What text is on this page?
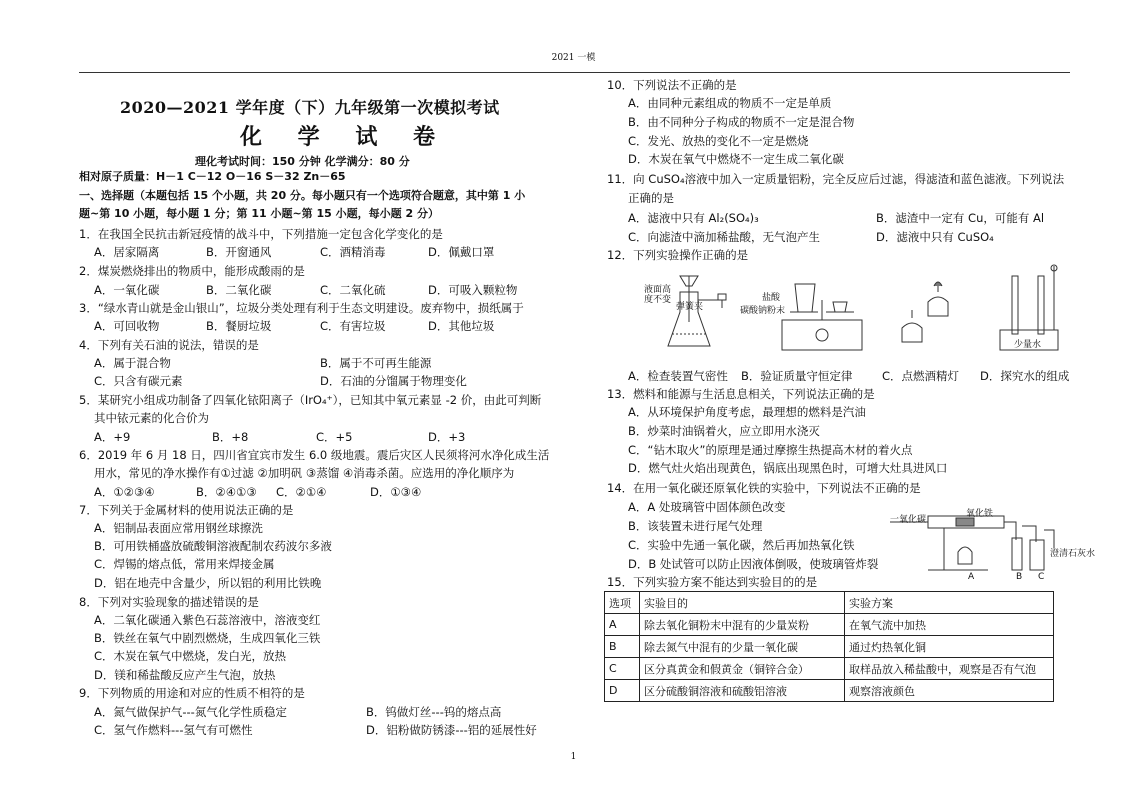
2021 一模
2020—2021 学年度（下）九年级第一次模拟考试
化 学 试 卷
理化考试时间：150 分钟 化学满分：80 分
相对原子质量：H－1 C－12 O－16 S－32 Zn－65
一、选择题（本题包括 15 个小题，共 20 分。每小题只有一个选项符合题意，其中第 1 小
题~第 10 小题，每小题 1 分；第 11 小题~第 15 小题，每小题 2 分）
1．在我国全民抗击新冠疫情的战斗中，下列措施一定包含化学变化的是
A．居家隔离	B．开窗通风	C．酒精消毒	D．佩戴口罩
2．煤炭燃烧排出的物质中，能形成酸雨的是
A．一氧化碳	B．二氧化碳	C．二氧化硫	D．可吸入颗粒物
3．“绿水青山就是金山银山”，垃圾分类处理有利于生态文明建设。废弃物中，损纸属于
A．可回收物	B．餐厨垃圾	C．有害垃圾	D．其他垃圾
4．下列有关石油的说法，错误的是
A．属于混合物	B．属于不可再生能源
C．只含有碳元素	D．石油的分馏属于物理变化
5．某研究小组成功制备了四氧化铱阳离子（IrO₄⁺），已知其中氧元素显 -2 价，由此可判断
其中铱元素的化合价为
A．+9	B．+8	C．+5	D．+3
6．2019 年 6 月 18 日，四川省宜宾市发生 6.0 级地震。震后灾区人民须将河水净化成生活
用水，常见的净水操作有①过滤 ②加明矾 ③蒸馏 ④消毒杀菌。应选用的净化顺序为
A．①②③④	B．②④①③ C．②①④	D．①③④
7．下列关于金属材料的使用说法正确的是
A．铝制品表面应常用钢丝球擦洗
B．可用铁桶盛放硫酸铜溶液配制农药波尔多液
C．焊锡的熔点低，常用来焊接金属
D．铝在地壳中含量少，所以铝的利用比铁晚
8．下列对实验现象的描述错误的是
A．二氧化碳通入紫色石蕊溶液中，溶液变红
B．铁丝在氧气中剧烈燃烧，生成四氧化三铁
C．木炭在氧气中燃烧，发白光，放热
D．镁和稀盐酸反应产生气泡，放热
9．下列物质的用途和对应的性质不相符的是
A．氮气做保护气---氮气化学性质稳定	B．钨做灯丝---钨的熔点高
C．氢气作燃料---氢气有可燃性	D．铝粉做防锈漆---铝的延展性好
10．下列说法不正确的是
A．由同种元素组成的物质不一定是单质
B．由不同种分子构成的物质不一定是混合物
C．发光、放热的变化不一定是燃烧
D．木炭在氧气中燃烧不一定生成二氧化碳
11．向 CuSO₄溶液中加入一定质量铝粉，完全反应后过滤，得滤渣和蓝色滤液。下列说法
正确的是
A．滤液中只有 Al₂(SO₄)₃	B．滤渣中一定有 Cu，可能有 Al
C．向滤渣中滴加稀盐酸，无气泡产生	D．滤液中只有 CuSO₄
12．下列实验操作正确的是
液面高
度不变
弹簧夹
盐酸
碳酸钠粉末
少量水
A．检查装置气密性 B．验证质量守恒定律	C．点燃酒精灯 D．探究水的组成
13．燃料和能源与生活息息相关，下列说法正确的是
A．从环境保护角度考虑，最理想的燃料是汽油
B．炒菜时油锅着火，应立即用水浇灭
C．“钻木取火”的原理是通过摩擦生热提高木材的着火点
D．燃气灶火焰出现黄色，锅底出现黑色时，可增大灶具进风口
14．在用一氧化碳还原氧化铁的实验中，下列说法不正确的是
A．A 处玻璃管中固体颜色改变
B．该装置未进行尾气处理
C．实验中先通一氧化碳，然后再加热氧化铁
D．B 处试管可以防止因液体倒吸，使玻璃管炸裂
一氧化碳
氧化铁
澄清石灰水
A	B C
15．下列实验方案不能达到实验目的的是
选项	实验目的	实验方案
A	除去氧化铜粉末中混有的少量炭粉	在氧气流中加热
B	除去氮气中混有的少量一氧化碳	通过灼热氧化铜
C	区分真黄金和假黄金（铜锌合金）	取样品放入稀盐酸中，观察是否有气泡
D	区分硫酸铜溶液和硫酸铝溶液	观察溶液颜色
1
